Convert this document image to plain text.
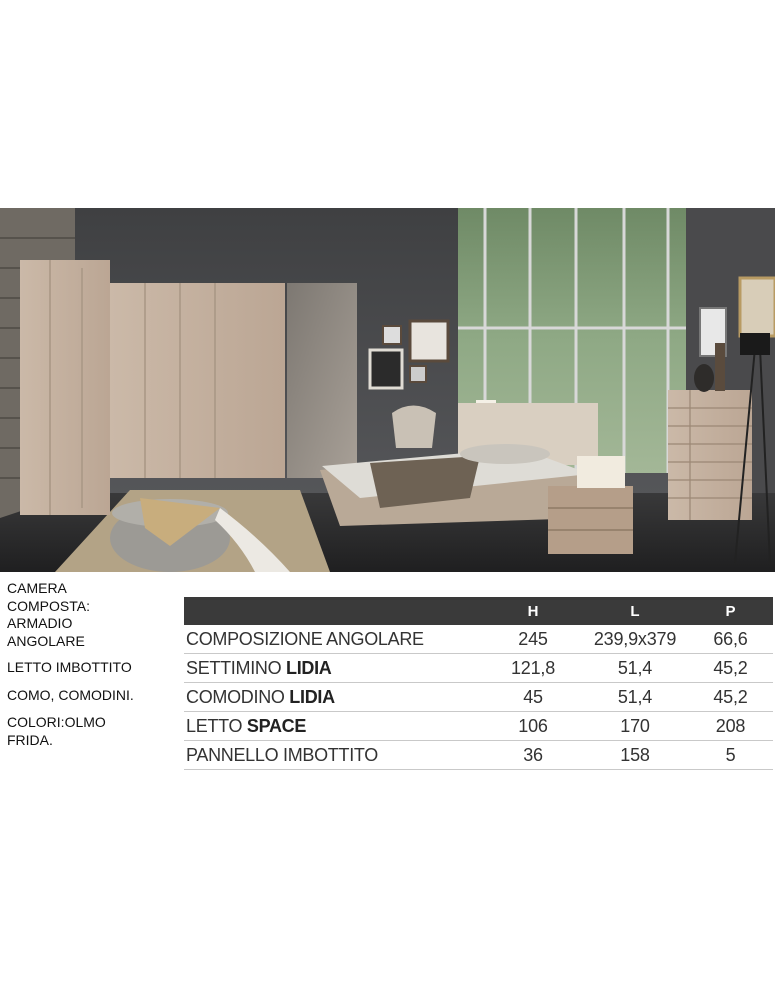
CAMERA COMPOSTA: ARMADIO ANGOLARE
LETTO IMBOTTITO
COMO, COMODINI.
COLORI:OLMO FRIDA.
	H	L	P
COMPOSIZIONE ANGOLARE	245	239,9x379	66,6
SETTIMINO LIDIA	121,8	51,4	45,2
COMODINO LIDIA	45	51,4	45,2
LETTO SPACE	106	170	208
PANNELLO IMBOTTITO	36	158	5
